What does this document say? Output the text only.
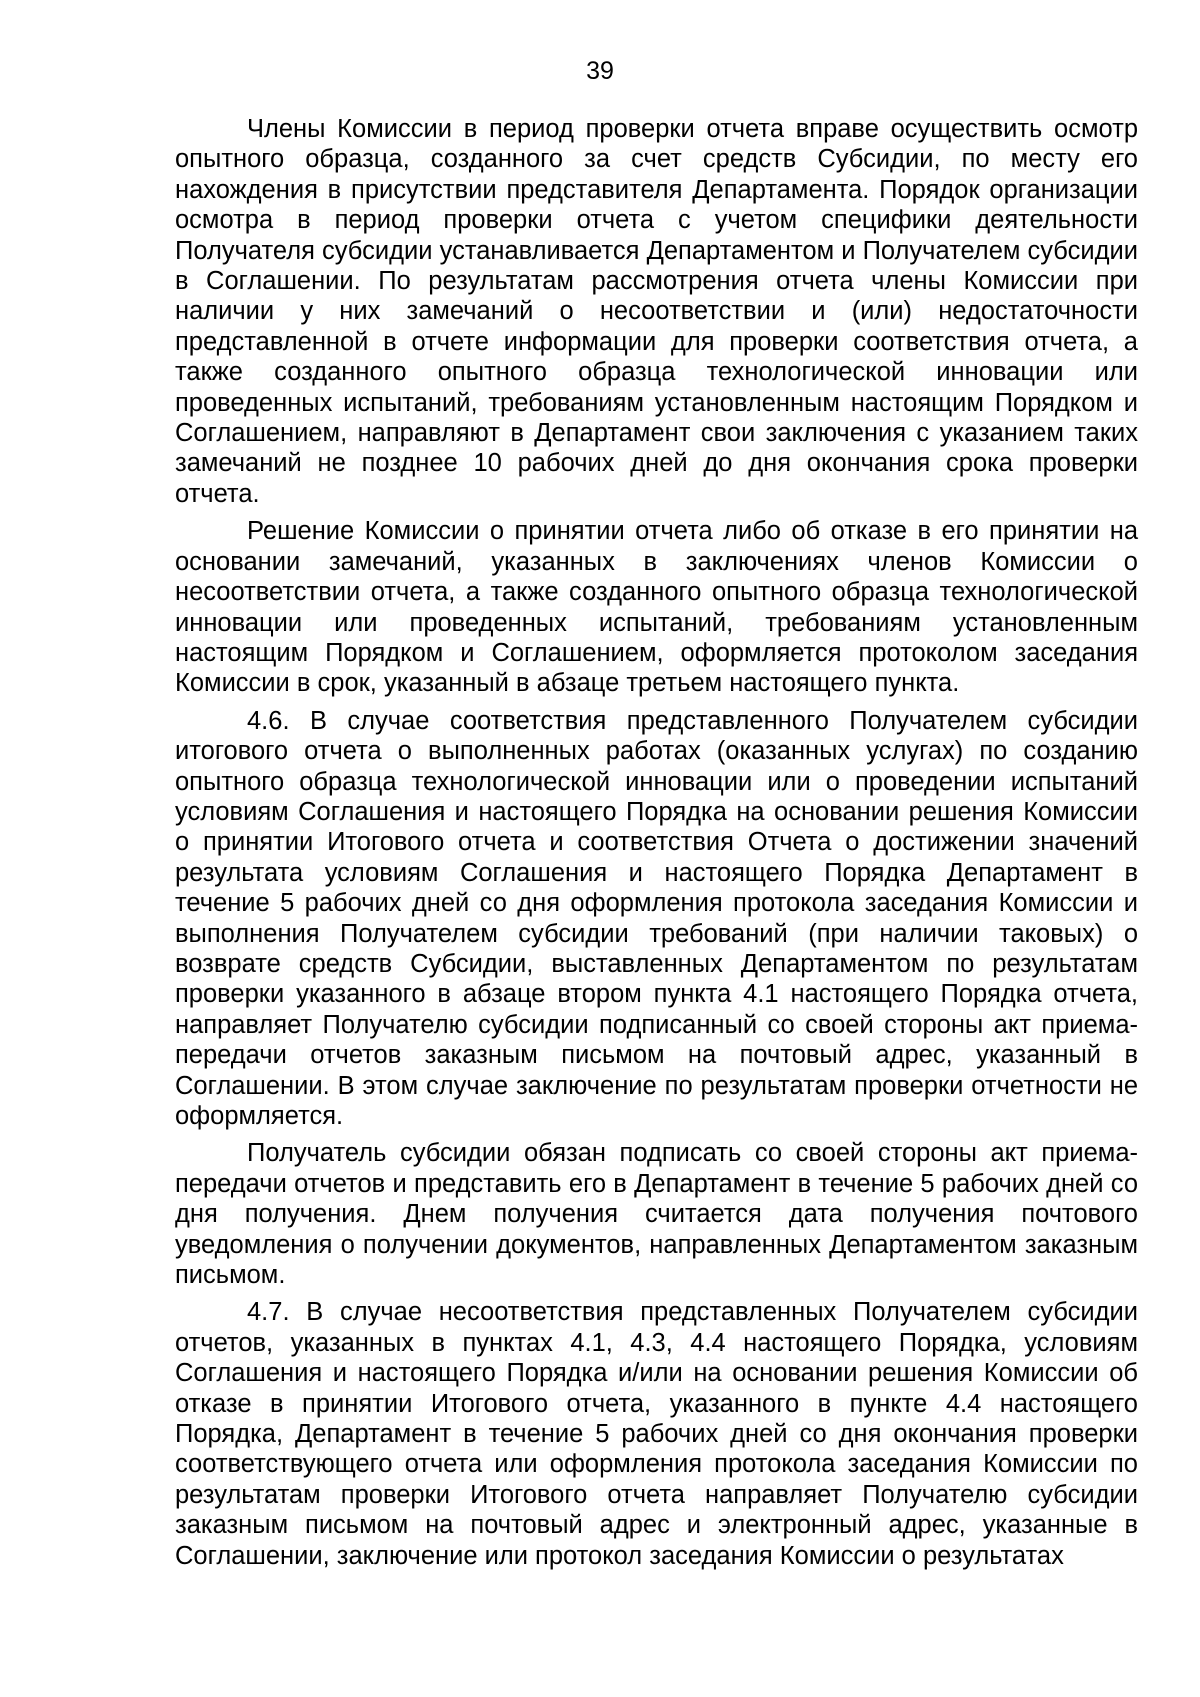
39

Члены Комиссии в период проверки отчета вправе осуществить осмотр опытного образца, созданного за счет средств Субсидии, по месту его нахождения в присутствии представителя Департамента. Порядок организации осмотра в период проверки отчета с учетом специфики деятельности Получателя субсидии устанавливается Департаментом и Получателем субсидии в Соглашении. По результатам рассмотрения отчета члены Комиссии при наличии у них замечаний о несоответствии и (или) недостаточности представленной в отчете информации для проверки соответствия отчета, а также созданного опытного образца технологической инновации или проведенных испытаний, требованиям установленным настоящим Порядком и Соглашением, направляют в Департамент свои заключения с указанием таких замечаний не позднее 10 рабочих дней до дня окончания срока проверки отчета.

Решение Комиссии о принятии отчета либо об отказе в его принятии на основании замечаний, указанных в заключениях членов Комиссии о несоответствии отчета, а также созданного опытного образца технологической инновации или проведенных испытаний, требованиям установленным настоящим Порядком и Соглашением, оформляется протоколом заседания Комиссии в срок, указанный в абзаце третьем настоящего пункта.

4.6. В случае соответствия представленного Получателем субсидии итогового отчета о выполненных работах (оказанных услугах) по созданию опытного образца технологической инновации или о проведении испытаний условиям Соглашения и настоящего Порядка на основании решения Комиссии о принятии Итогового отчета и соответствия Отчета о достижении значений результата условиям Соглашения и настоящего Порядка Департамент в течение 5 рабочих дней со дня оформления протокола заседания Комиссии и выполнения Получателем субсидии требований (при наличии таковых) о возврате средств Субсидии, выставленных Департаментом по результатам проверки указанного в абзаце втором пункта 4.1 настоящего Порядка отчета, направляет Получателю субсидии подписанный со своей стороны акт приема-передачи отчетов заказным письмом на почтовый адрес, указанный в Соглашении. В этом случае заключение по результатам проверки отчетности не оформляется.

Получатель субсидии обязан подписать со своей стороны акт приема-передачи отчетов и представить его в Департамент в течение 5 рабочих дней со дня получения. Днем получения считается дата получения почтового уведомления о получении документов, направленных Департаментом заказным письмом.

4.7. В случае несоответствия представленных Получателем субсидии отчетов, указанных в пунктах 4.1, 4.3, 4.4 настоящего Порядка, условиям Соглашения и настоящего Порядка и/или на основании решения Комиссии об отказе в принятии Итогового отчета, указанного в пункте 4.4 настоящего Порядка, Департамент в течение 5 рабочих дней со дня окончания проверки соответствующего отчета или оформления протокола заседания Комиссии по результатам проверки Итогового отчета направляет Получателю субсидии заказным письмом на почтовый адрес и электронный адрес, указанные в Соглашении, заключение или протокол заседания Комиссии о результатах
